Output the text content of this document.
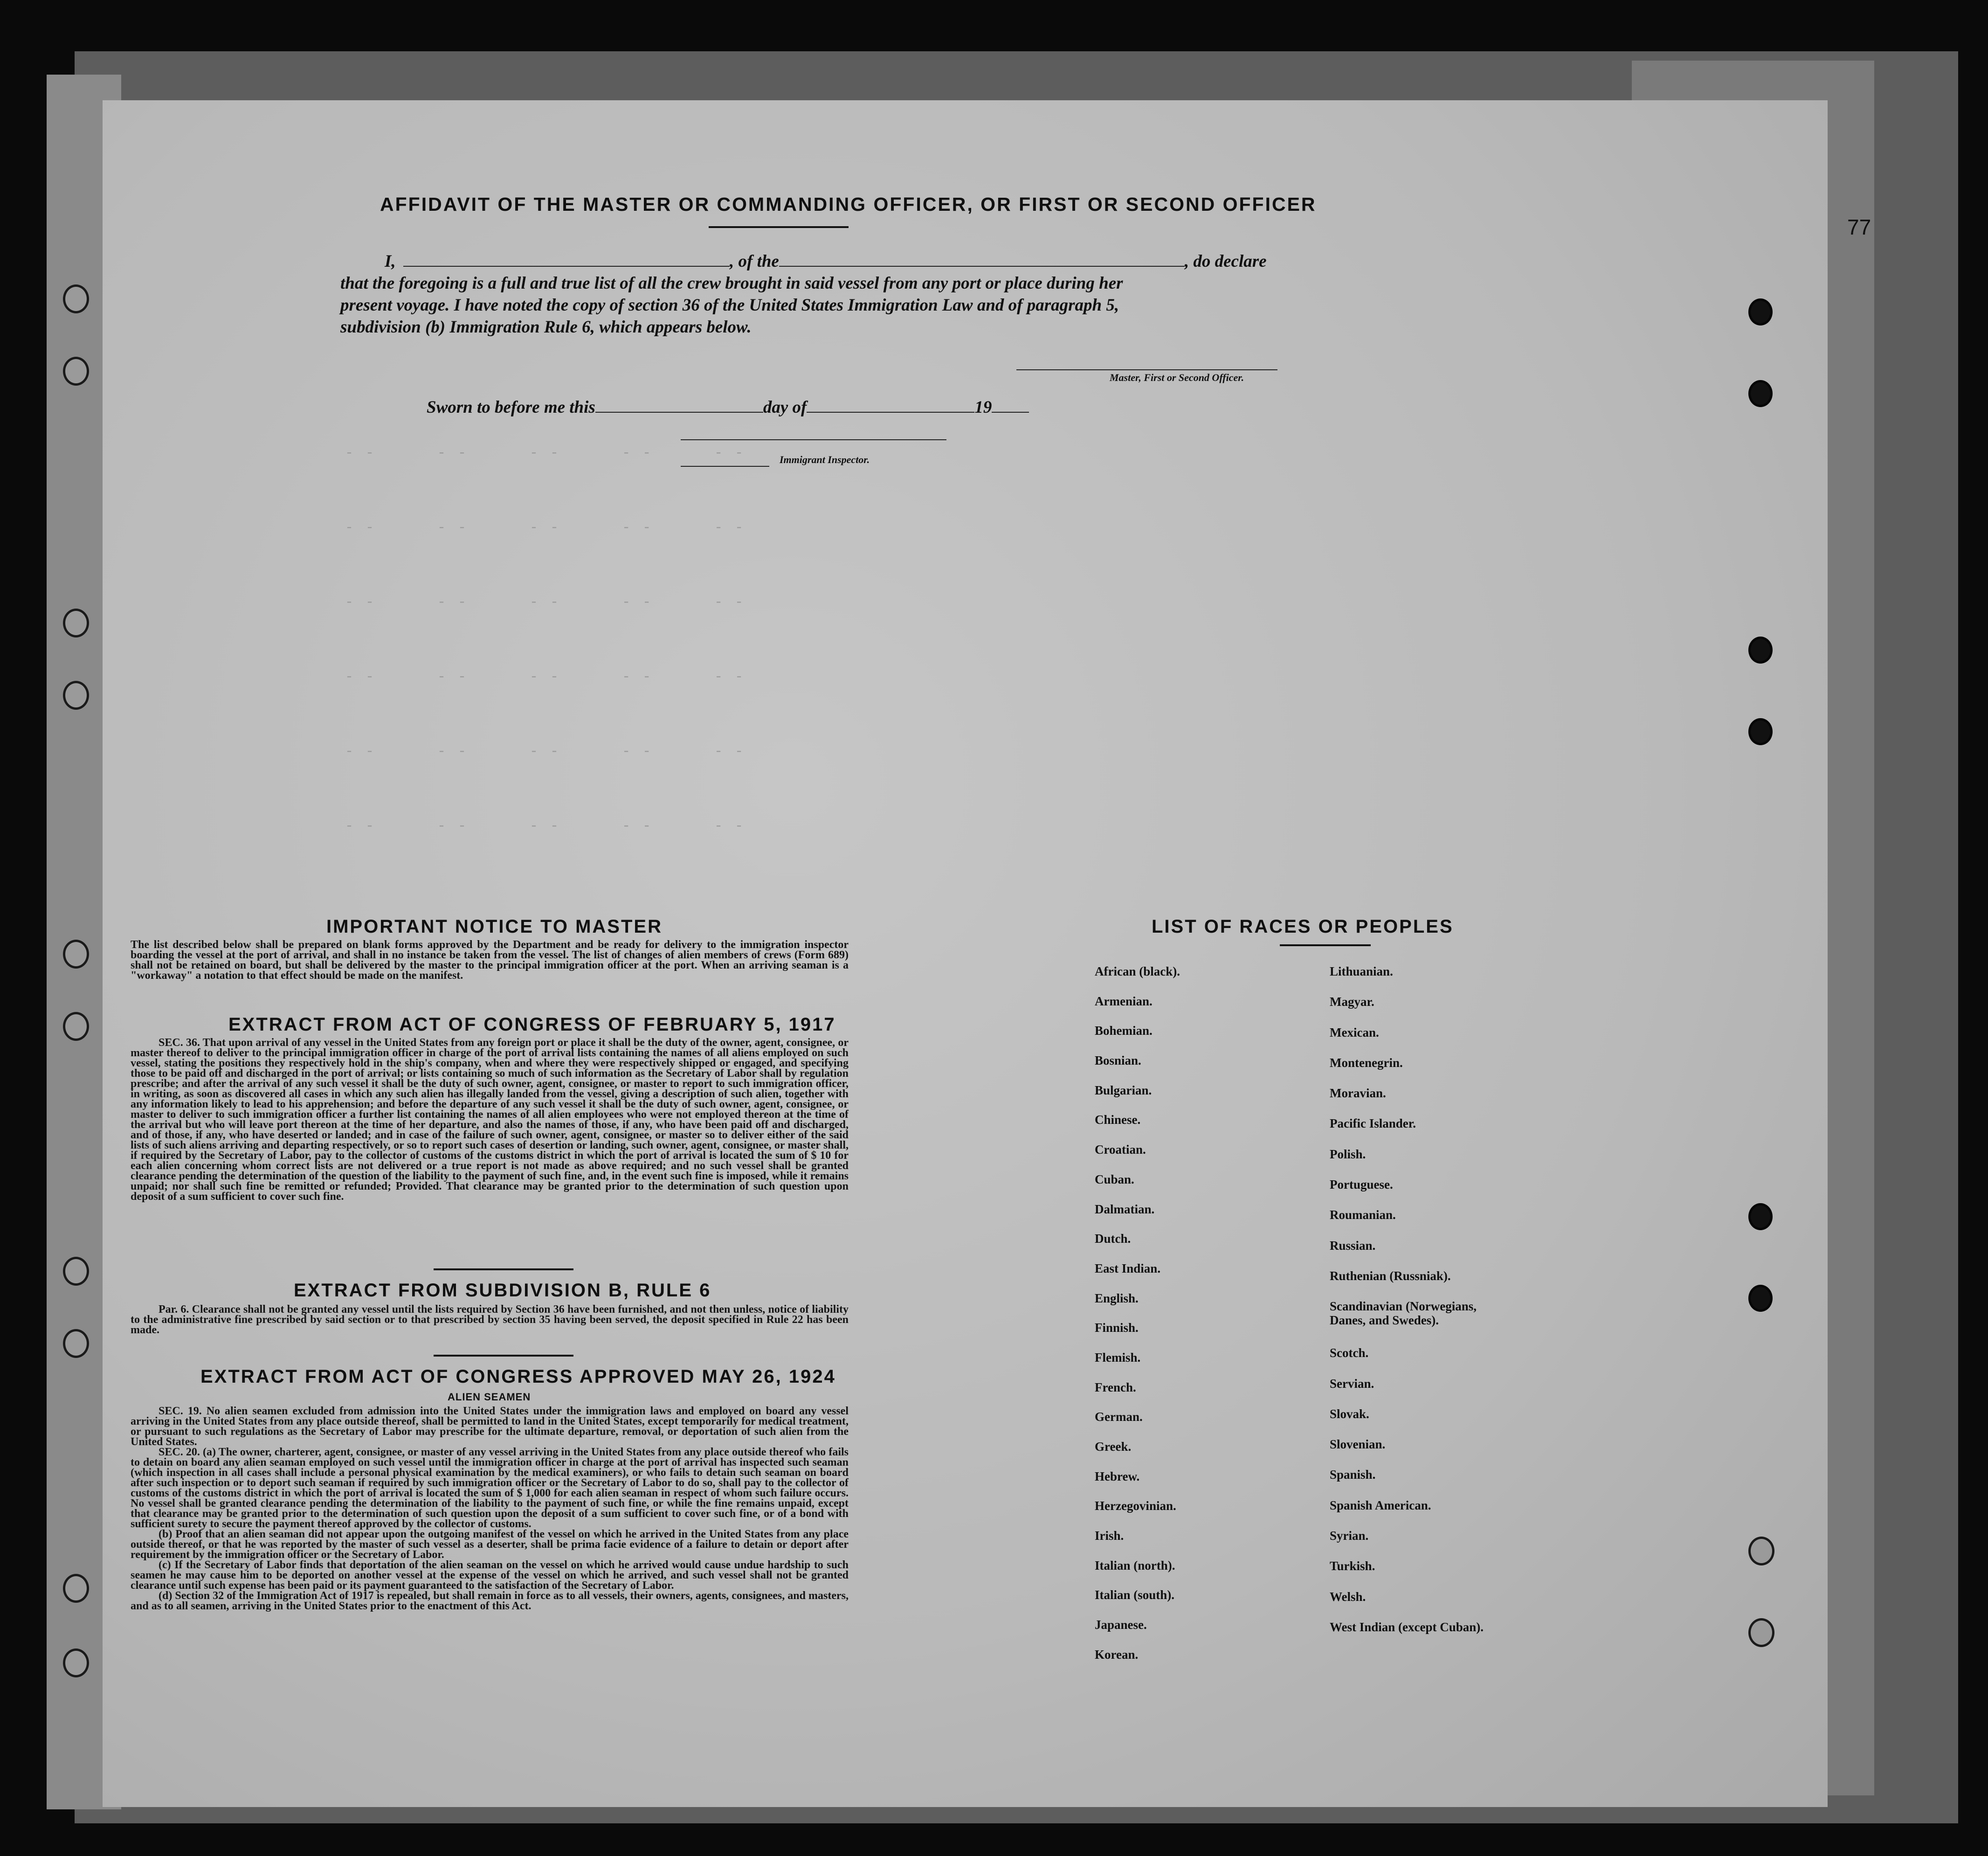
- -      - -      - -      - -      - -
- -      - -      - -      - -      - -
- -      - -      - -      - -      - -
- -      - -      - -      - -      - -
- -      - -      - -      - -      - -
- -      - -      - -      - -      - -
AFFIDAVIT OF THE MASTER OR COMMANDING OFFICER, OR FIRST OR SECOND OFFICER
I,	, of the	, do declare
that the foregoing is a full and true list of all the crew brought in said vessel from any port or place during her
present voyage. I have noted the copy of section 36 of the United States Immigration Law and of paragraph 5,
subdivision (b) Immigration Rule 6, which appears below.
Master, First or Second Officer.
Sworn to before me this	day of	19
Immigrant Inspector.
77
IMPORTANT NOTICE TO MASTER

The list described below shall be prepared on blank forms approved by the Department and be ready for delivery to the immigration inspector boarding the vessel at the port of arrival, and shall in no instance be taken from the vessel. The list of changes of alien members of crews (Form 689) shall not be retained on board, but shall be delivered by the master to the principal immigration officer at the port. When an arriving seaman is a "workaway" a notation to that effect should be made on the manifest.

EXTRACT FROM ACT OF CONGRESS OF FEBRUARY 5, 1917

SEC. 36. That upon arrival of any vessel in the United States from any foreign port or place it shall be the duty of the owner, agent, consignee, or master thereof to deliver to the principal immigration officer in charge of the port of arrival lists containing the names of all aliens employed on such vessel, stating the positions they respectively hold in the ship's company, when and where they were respectively shipped or engaged, and specifying those to be paid off and discharged in the port of arrival; or lists containing so much of such information as the Secretary of Labor shall by regulation prescribe; and after the arrival of any such vessel it shall be the duty of such owner, agent, consignee, or master to report to such immigration officer, in writing, as soon as discovered all cases in which any such alien has illegally landed from the vessel, giving a description of such alien, together with any information likely to lead to his apprehension; and before the departure of any such vessel it shall be the duty of such owner, agent, consignee, or master to deliver to such immigration officer a further list containing the names of all alien employees who were not employed thereon at the time of the arrival but who will leave port thereon at the time of her departure, and also the names of those, if any, who have been paid off and discharged, and of those, if any, who have deserted or landed; and in case of the failure of such owner, agent, consignee, or master so to deliver either of the said lists of such aliens arriving and departing respectively, or so to report such cases of desertion or landing, such owner, agent, consignee, or master shall, if required by the Secretary of Labor, pay to the collector of customs of the customs district in which the port of arrival is located the sum of $ 10 for each alien concerning whom correct lists are not delivered or a true report is not made as above required; and no such vessel shall be granted clearance pending the determination of the question of the liability to the payment of such fine, and, in the event such fine is imposed, while it remains unpaid; nor shall such fine be remitted or refunded; Provided. That clearance may be granted prior to the determination of such question upon deposit of a sum sufficient to cover such fine.

EXTRACT FROM SUBDIVISION B, RULE 6

Par. 6. Clearance shall not be granted any vessel until the lists required by Section 36 have been furnished, and not then unless, notice of liability to the administrative fine prescribed by said section or to that prescribed by section 35 having been served, the deposit specified in Rule 22 has been made.

EXTRACT FROM ACT OF CONGRESS APPROVED MAY 26, 1924
ALIEN SEAMEN

SEC. 19. No alien seamen excluded from admission into the United States under the immigration laws and employed on board any vessel arriving in the United States from any place outside thereof, shall be permitted to land in the United States, except temporarily for medical treatment, or pursuant to such regulations as the Secretary of Labor may prescribe for the ultimate departure, removal, or deportation of such alien from the United States.

SEC. 20. (a) The owner, charterer, agent, consignee, or master of any vessel arriving in the United States from any place outside thereof who fails to detain on board any alien seaman employed on such vessel until the immigration officer in charge at the port of arrival has inspected such seaman (which inspection in all cases shall include a personal physical examination by the medical examiners), or who fails to detain such seaman on board after such inspection or to deport such seaman if required by such immigration officer or the Secretary of Labor to do so, shall pay to the collector of customs of the customs district in which the port of arrival is located the sum of $ 1,000 for each alien seaman in respect of whom such failure occurs. No vessel shall be granted clearance pending the determination of the liability to the payment of such fine, or while the fine remains unpaid, except that clearance may be granted prior to the determination of such question upon the deposit of a sum sufficient to cover such fine, or of a bond with sufficient surety to secure the payment thereof approved by the collector of customs.

(b) Proof that an alien seaman did not appear upon the outgoing manifest of the vessel on which he arrived in the United States from any place outside thereof, or that he was reported by the master of such vessel as a deserter, shall be prima facie evidence of a failure to detain or deport after requirement by the immigration officer or the Secretary of Labor.

(c) If the Secretary of Labor finds that deportation of the alien seaman on the vessel on which he arrived would cause undue hardship to such seamen he may cause him to be deported on another vessel at the expense of the vessel on which he arrived, and such vessel shall not be granted clearance until such expense has been paid or its payment guaranteed to the satisfaction of the Secretary of Labor.

(d) Section 32 of the Immigration Act of 1917 is repealed, but shall remain in force as to all vessels, their owners, agents, consignees, and masters, and as to all seamen, arriving in the United States prior to the enactment of this Act.

LIST OF RACES OR PEOPLES
African (black).
Armenian.
Bohemian.
Bosnian.
Bulgarian.
Chinese.
Croatian.
Cuban.
Dalmatian.
Dutch.
East Indian.
English.
Finnish.
Flemish.
French.
German.
Greek.
Hebrew.
Herzegovinian.
Irish.
Italian (north).
Italian (south).
Japanese.
Korean.
Lithuanian.
Magyar.
Mexican.
Montenegrin.
Moravian.
Pacific Islander.
Polish.
Portuguese.
Roumanian.
Russian.
Ruthenian (Russniak).
Scandinavian (Norwegians, Danes, and Swedes).
Scotch.
Servian.
Slovak.
Slovenian.
Spanish.
Spanish American.
Syrian.
Turkish.
Welsh.
West Indian (except Cuban).
